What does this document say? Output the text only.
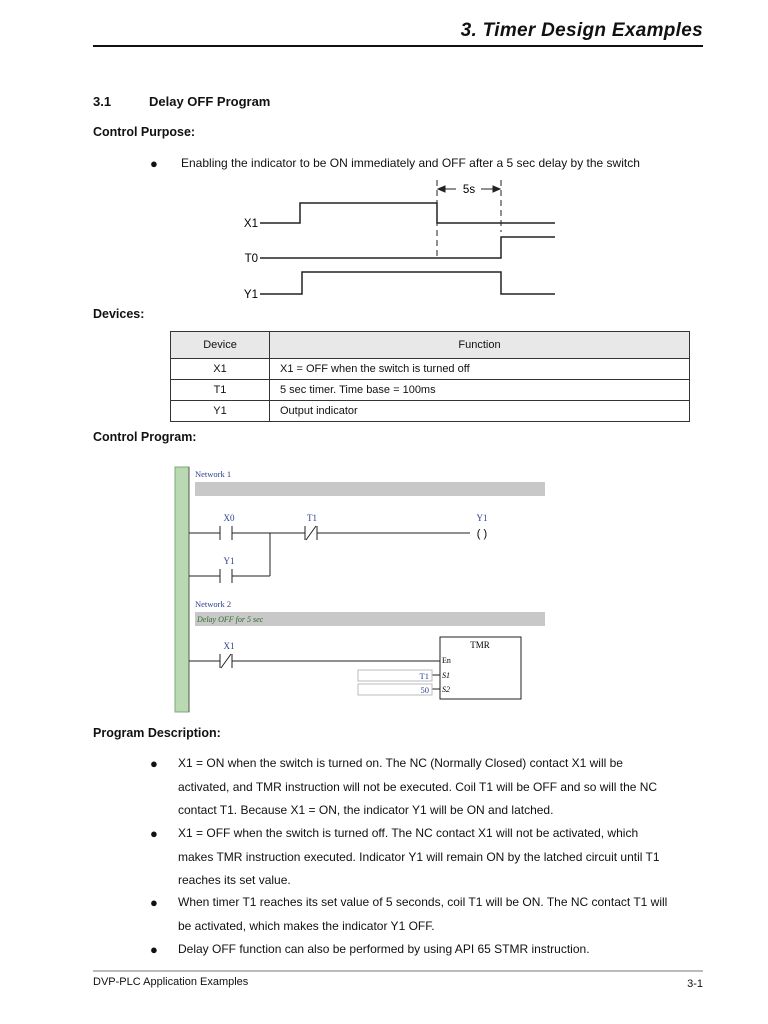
3. Timer Design Examples
3.1	Delay OFF Program
Control Purpose:
● Enabling the indicator to be ON immediately and OFF after a 5 sec delay by the switch
5s
X1
T0
Y1
Devices:
Device	Function
X1	X1 = OFF when the switch is turned off
T1	5 sec timer. Time base = 100ms
Y1	Output indicator
Control Program:
Network 1
X0	T1
Y1
Y1
( )
Network 2
Delay OFF for 5 sec
X1	TMR
En
S1
S2
T1
50
Program Description:
● X1 = ON when the switch is turned on. The NC (Normally Closed) contact X1 will be
activated, and TMR instruction will not be executed. Coil T1 will be OFF and so will the NC
contact T1. Because X1 = ON, the indicator Y1 will be ON and latched.
● X1 = OFF when the switch is turned off. The NC contact X1 will not be activated, which
makes TMR instruction executed. Indicator Y1 will remain ON by the latched circuit until T1
reaches its set value.
● When timer T1 reaches its set value of 5 seconds, coil T1 will be ON. The NC contact T1 will
be activated, which makes the indicator Y1 OFF.
● Delay OFF function can also be performed by using API 65 STMR instruction.
DVP-PLC Application Examples	3-1
